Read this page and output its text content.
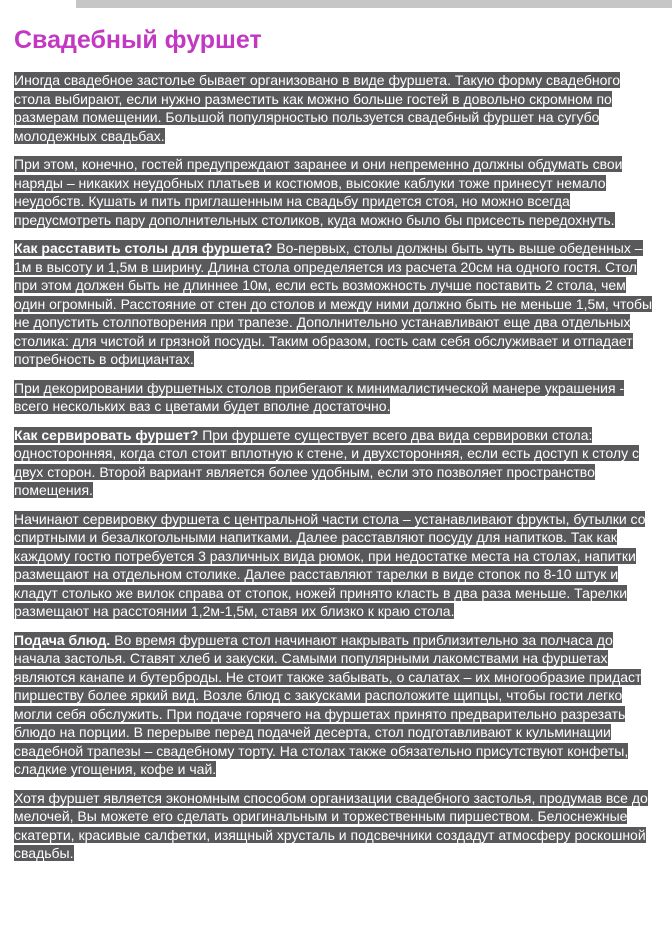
Свадебный фуршет

Иногда свадебное застолье бывает организовано в виде фуршета. Такую форму свадебного стола выбирают, если нужно разместить как можно больше гостей в довольно скромном по размерам помещении. Большой популярностью пользуется свадебный фуршет на сугубо молодежных свадьбах.

При этом, конечно, гостей предупреждают заранее и они непременно должны обдумать свои наряды – никаких неудобных платьев и костюмов, высокие каблуки тоже принесут немало неудобств. Кушать и пить приглашенным на свадьбу придется стоя, но можно всегда предусмотреть пару дополнительных столиков, куда можно было бы присесть передохнуть.

Как расставить столы для фуршета? Во-первых, столы должны быть чуть выше обеденных – 1м в высоту и 1,5м в ширину. Длина стола определяется из расчета 20см на одного гостя. Стол при этом должен быть не длиннее 10м, если есть возможность лучше поставить 2 стола, чем один огромный. Расстояние от стен до столов и между ними должно быть не меньше 1,5м, чтобы не допустить столпотворения при трапезе. Дополнительно устанавливают еще два отдельных столика: для чистой и грязной посуды. Таким образом, гость сам себя обслуживает и отпадает потребность в официантах.

При декорировании фуршетных столов прибегают к минималистической манере украшения - всего нескольких ваз с цветами будет вполне достаточно.

Как сервировать фуршет? При фуршете существует всего два вида сервировки стола: односторонняя, когда стол стоит вплотную к стене, и двухсторонняя, если есть доступ к столу с двух сторон. Второй вариант является более удобным, если это позволяет пространство помещения.

Начинают сервировку фуршета с центральной части стола – устанавливают фрукты, бутылки со спиртными и безалкогольными напитками. Далее расставляют посуду для напитков. Так как каждому гостю потребуется 3 различных вида рюмок, при недостатке места на столах, напитки размещают на отдельном столике. Далее расставляют тарелки в виде стопок по 8-10 штук и кладут столько же вилок справа от стопок, ножей принято класть в два раза меньше. Тарелки размещают на расстоянии 1,2м-1,5м, ставя их близко к краю стола.

Подача блюд. Во время фуршета стол начинают накрывать приблизительно за полчаса до начала застолья. Ставят хлеб и закуски. Самыми популярными лакомствами на фуршетах являются канапе и бутерброды. Не стоит также забывать, о салатах – их многообразие придаст пиршеству более яркий вид. Возле блюд с закусками расположите щипцы, чтобы гости легко могли себя обслужить. При подаче горячего на фуршетах принято предварительно разрезать блюдо на порции. В перерыве перед подачей десерта, стол подготавливают к кульминации свадебной трапезы – свадебному торту. На столах также обязательно присутствуют конфеты, сладкие угощения, кофе и чай.

Хотя фуршет является экономным способом организации свадебного застолья, продумав все до мелочей, Вы можете его сделать оригинальным и торжественным пиршеством. Белоснежные скатерти, красивые салфетки, изящный хрусталь и подсвечники создадут атмосферу роскошной свадьбы.
